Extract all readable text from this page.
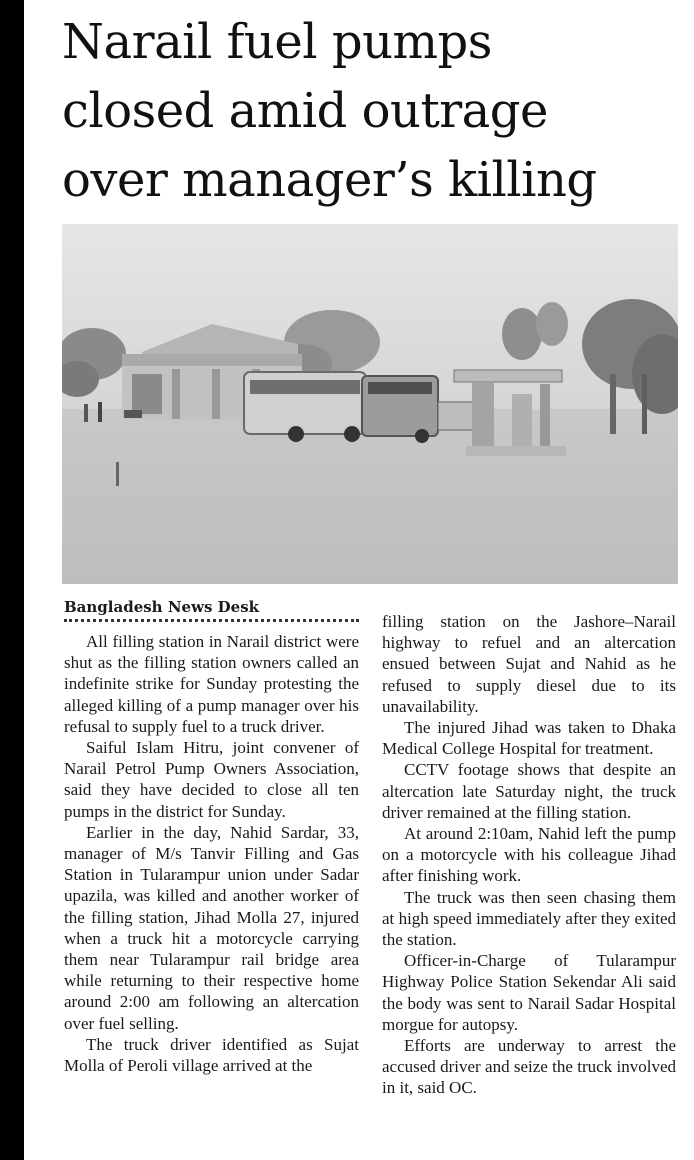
Narail fuel pumps
closed amid outrage
over manager’s killing
Bangladesh News Desk

All filling station in Narail district were shut as the filling station owners called an indefinite strike for Sunday protesting the alleged killing of a pump manager over his refusal to supply fuel to a truck driver.

Saiful Islam Hitru, joint convener of Narail Petrol Pump Owners Association, said they have decided to close all ten pumps in the district for Sunday.

Earlier in the day, Nahid Sardar, 33, manager of M/s Tanvir Filling and Gas Station in Tularampur union under Sadar upazila, was killed and another worker of the filling station, Jihad Molla 27, injured when a truck hit a motorcycle carrying them near Tularampur rail bridge area while returning to their respective home around 2:00 am following an altercation over fuel selling.

The truck driver identified as Sujat Molla of Peroli village arrived at the

filling station on the Jashore–Narail highway to refuel and an altercation ensued between Sujat and Nahid as he refused to supply diesel due to its unavailability.

The injured Jihad was taken to Dhaka Medical College Hospital for treatment.

CCTV footage shows that despite an altercation late Saturday night, the truck driver remained at the filling station.

At around 2:10am, Nahid left the pump on a motorcycle with his colleague Jihad after finishing work.

The truck was then seen chasing them at high speed immediately after they exited the station.

Officer-in-Charge of Tularampur Highway Police Station Sekendar Ali said the body was sent to Narail Sadar Hospital morgue for autopsy.

Efforts are underway to arrest the accused driver and seize the truck involved in it, said OC.
